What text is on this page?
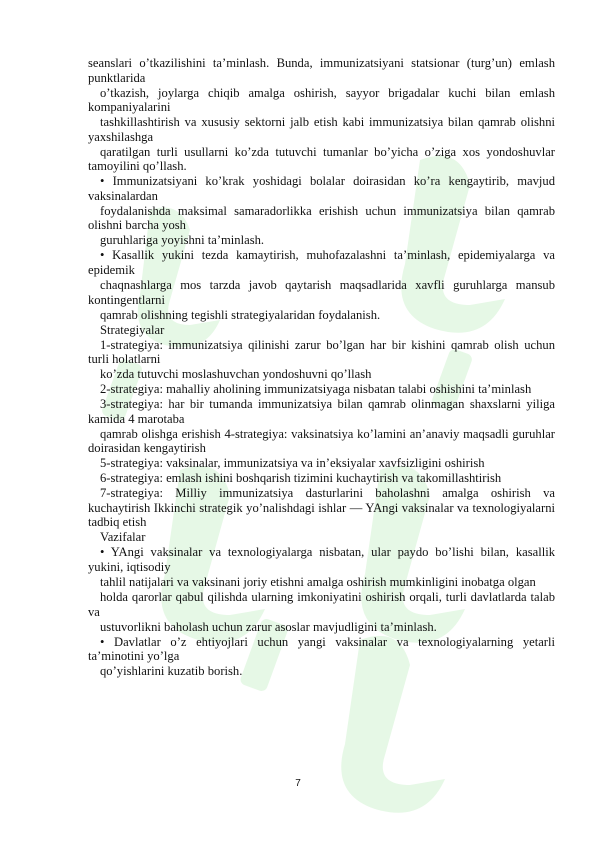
seanslari o’tkazilishini ta’minlash. Bunda, immunizatsiyani statsionar (turg’un) emlash punktlarida

o’tkazish, joylarga chiqib amalga oshirish, sayyor brigadalar kuchi bilan emlash kompaniyalarini

tashkillashtirish va xususiy sektorni jalb etish kabi immunizatsiya bilan qamrab olishni yaxshilashga

qaratilgan turli usullarni ko’zda tutuvchi tumanlar bo’yicha o’ziga xos yondoshuvlar tamoyilini qo’llash.

• Immunizatsiyani ko’krak yoshidagi bolalar doirasidan ko’ra kengaytirib, mavjud vaksinalardan

foydalanishda maksimal samaradorlikka erishish uchun immunizatsiya bilan qamrab olishni barcha yosh

guruhlariga yoyishni ta’minlash.

• Kasallik yukini tezda kamaytirish, muhofazalashni ta’minlash, epidemiyalarga va epidemik

chaqnashlarga mos tarzda javob qaytarish maqsadlarida xavfli guruhlarga mansub kontingentlarni

qamrab olishning tegishli strategiyalaridan foydalanish.

Strategiyalar

1-strategiya: immunizatsiya qilinishi zarur bo’lgan har bir kishini qamrab olish uchun turli holatlarni

ko’zda tutuvchi moslashuvchan yondoshuvni qo’llash

2-strategiya: mahalliy aholining immunizatsiyaga nisbatan talabi oshishini ta’minlash

3-strategiya: har bir tumanda immunizatsiya bilan qamrab olinmagan shaxslarni yiliga kamida 4 marotaba

qamrab olishga erishish 4-strategiya: vaksinatsiya ko’lamini an’anaviy maqsadli guruhlar doirasidan kengaytirish

5-strategiya: vaksinalar, immunizatsiya va in’eksiyalar xavfsizligini oshirish

6-strategiya: emlash ishini boshqarish tizimini kuchaytirish va takomillashtirish

7-strategiya: Milliy immunizatsiya dasturlarini baholashni amalga oshirish va kuchaytirish Ikkinchi strategik yo’nalishdagi ishlar — YAngi vaksinalar va texnologiyalarni tadbiq etish

Vazifalar

• YAngi vaksinalar va texnologiyalarga nisbatan, ular paydo bo’lishi bilan, kasallik yukini, iqtisodiy

tahlil natijalari va vaksinani joriy etishni amalga oshirish mumkinligini inobatga olgan

holda qarorlar qabul qilishda ularning imkoniyatini oshirish orqali, turli davlatlarda talab va

ustuvorlikni baholash uchun zarur asoslar mavjudligini ta’minlash.

• Davlatlar o’z ehtiyojlari uchun yangi vaksinalar va texnologiyalarning yetarli ta’minotini yo’lga

qo’yishlarini kuzatib borish.

7
